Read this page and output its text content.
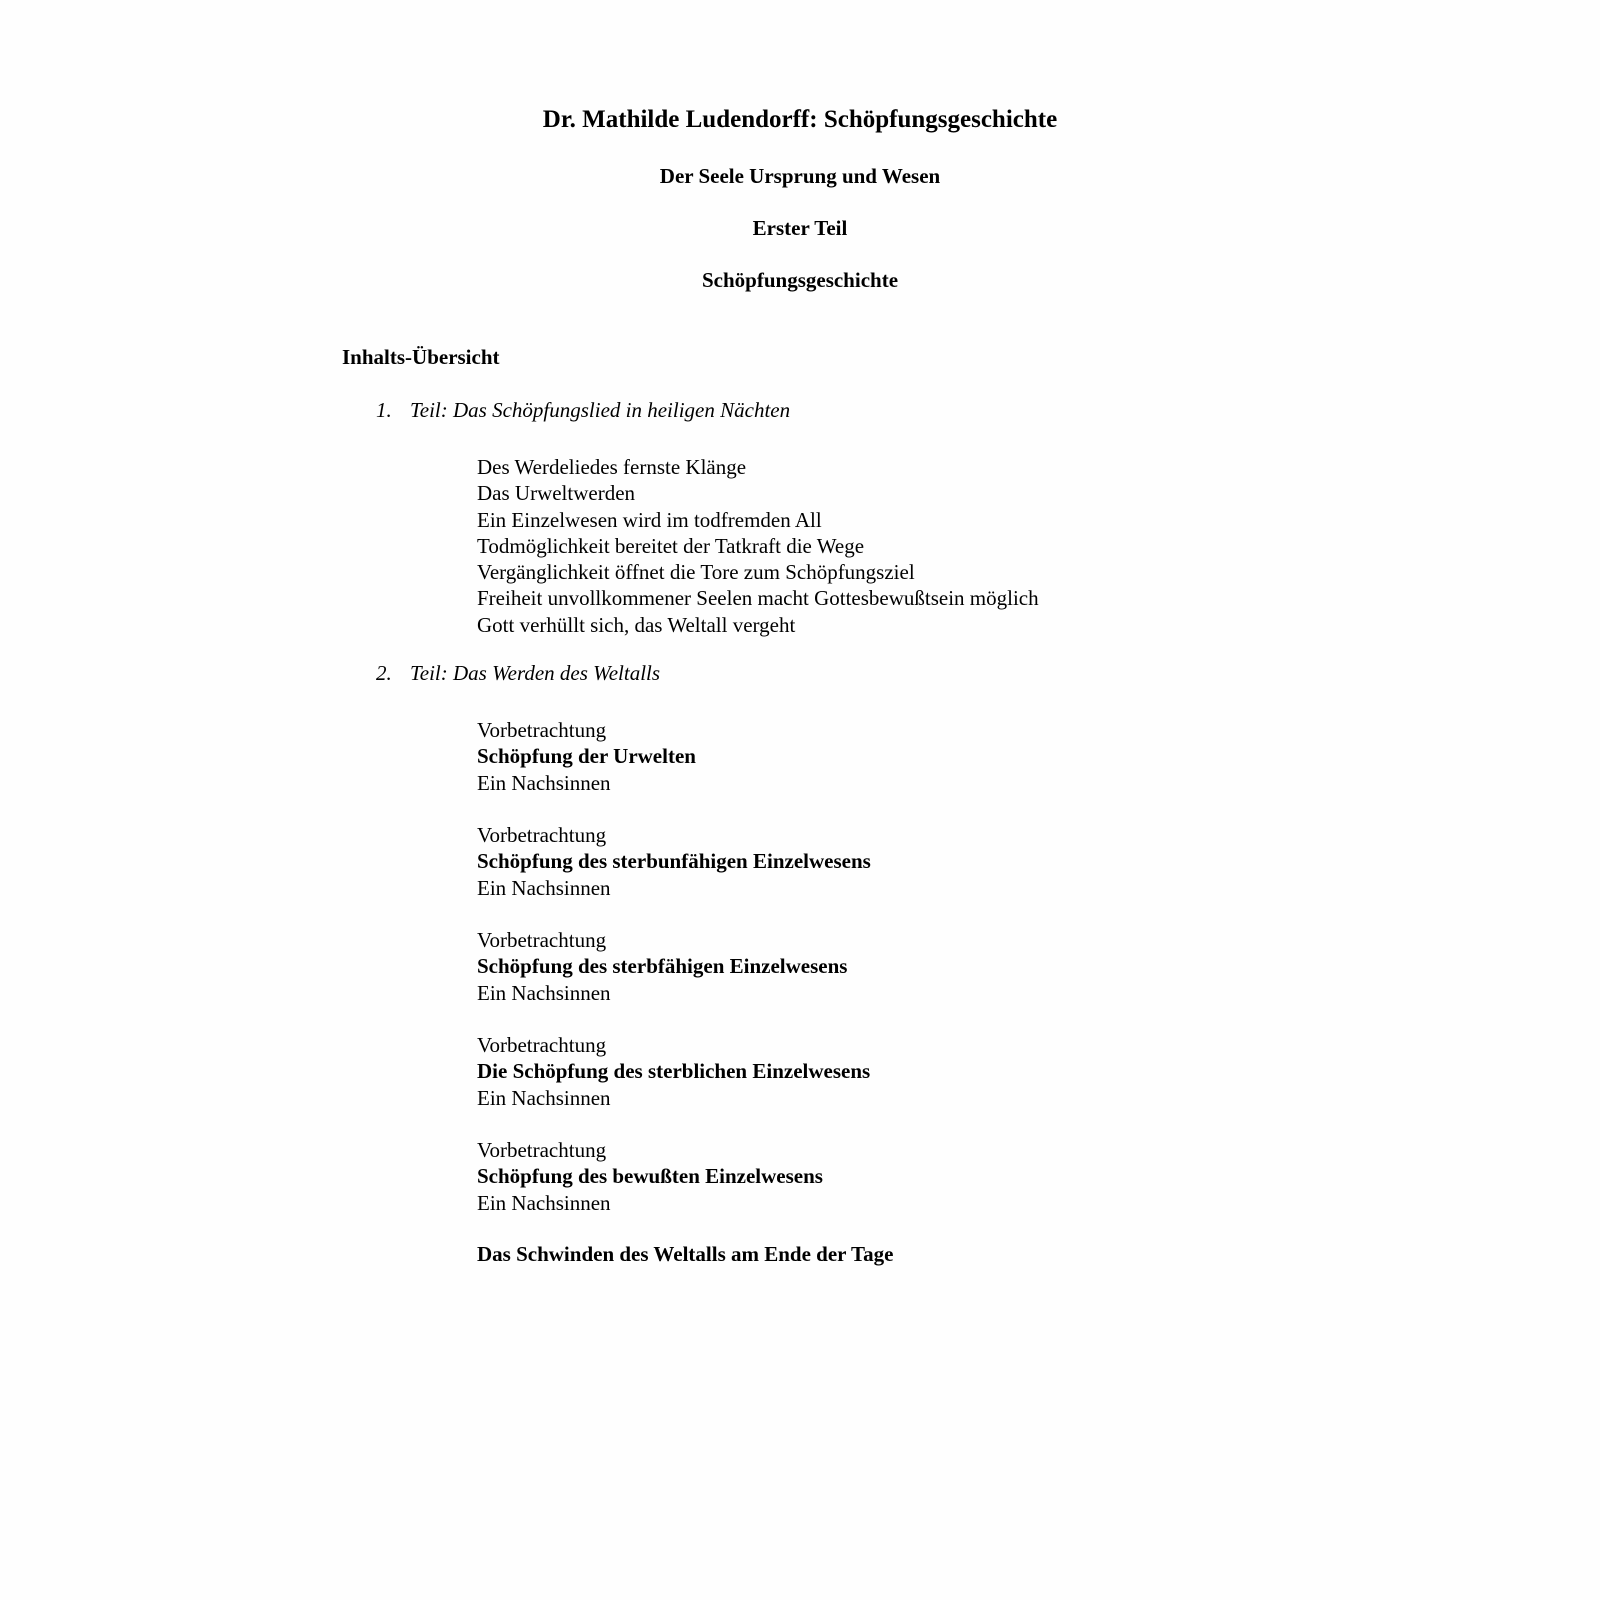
Dr. Mathilde Ludendorff: Schöpfungsgeschichte
Der Seele Ursprung und Wesen
Erster Teil
Schöpfungsgeschichte
Inhalts-Übersicht
1. Teil: Das Schöpfungslied in heiligen Nächten
Des Werdeliedes fernste Klänge
Das Urweltwerden
Ein Einzelwesen wird im todfremden All
Todmöglichkeit bereitet der Tatkraft die Wege
Vergänglichkeit öffnet die Tore zum Schöpfungsziel
Freiheit unvollkommener Seelen macht Gottesbewußtsein möglich
Gott verhüllt sich, das Weltall vergeht
2. Teil: Das Werden des Weltalls
Vorbetrachtung
Schöpfung der Urwelten
Ein Nachsinnen
Vorbetrachtung
Schöpfung des sterbunfähigen Einzelwesens
Ein Nachsinnen
Vorbetrachtung
Schöpfung des sterbfähigen Einzelwesens
Ein Nachsinnen
Vorbetrachtung
Die Schöpfung des sterblichen Einzelwesens
Ein Nachsinnen
Vorbetrachtung
Schöpfung des bewußten Einzelwesens
Ein Nachsinnen
Das Schwinden des Weltalls am Ende der Tage
